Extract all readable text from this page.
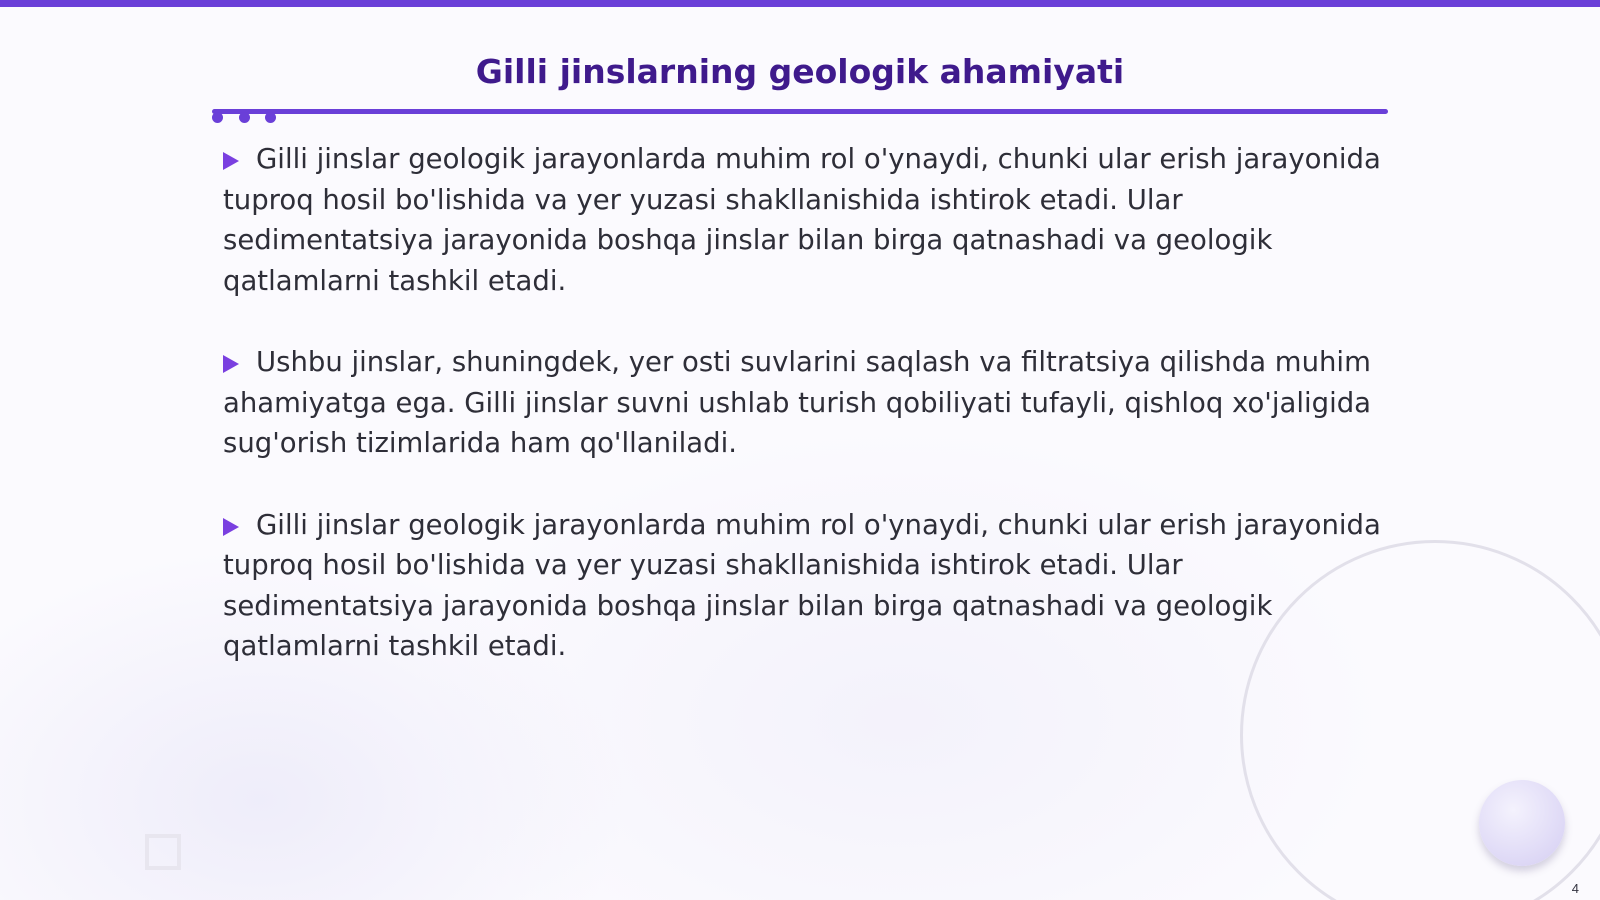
Gilli jinslarning geologik ahamiyati

Gilli jinslar geologik jarayonlarda muhim rol o'ynaydi, chunki ular erish jarayonida tuproq hosil bo'lishida va yer yuzasi shakllanishida ishtirok etadi. Ular sedimentatsiya jarayonida boshqa jinslar bilan birga qatnashadi va geologik qatlamlarni tashkil etadi.

Ushbu jinslar, shuningdek, yer osti suvlarini saqlash va filtratsiya qilishda muhim ahamiyatga ega. Gilli jinslar suvni ushlab turish qobiliyati tufayli, qishloq xo'jaligida sug'orish tizimlarida ham qo'llaniladi.

Gilli jinslar geologik jarayonlarda muhim rol o'ynaydi, chunki ular erish jarayonida tuproq hosil bo'lishida va yer yuzasi shakllanishida ishtirok etadi. Ular sedimentatsiya jarayonida boshqa jinslar bilan birga qatnashadi va geologik qatlamlarni tashkil etadi.

4
